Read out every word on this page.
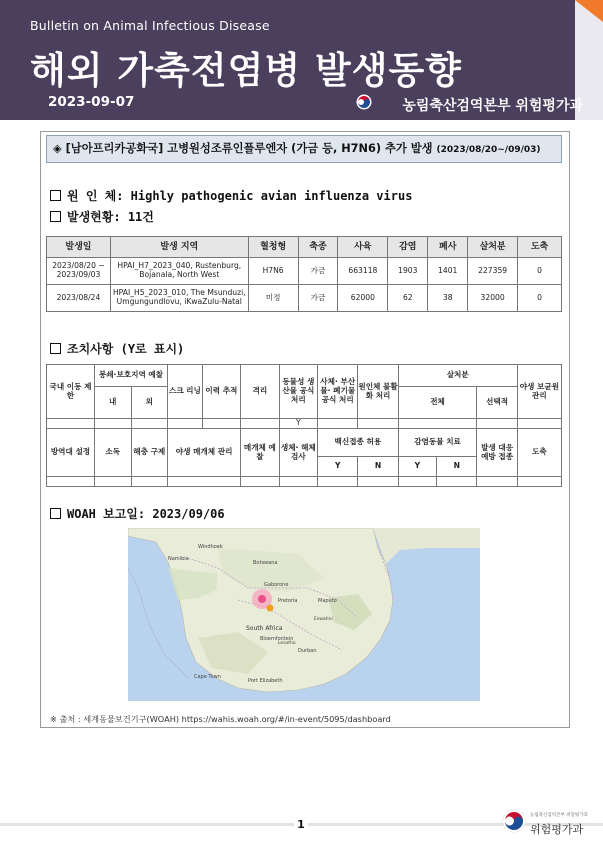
Bulletin on Animal Infectious Disease
해외 가축전염병 발생동향
2023-09-07	농림축산검역본부 위험평가과
◈ [남아프리카공화국] 고병원성조류인플루엔자 (가금 등, H7N6) 추가 발생 (2023/08/20~/09/03)
원 인 체: Highly pathogenic avian influenza virus
발생현황: 11건
발생일	발생 지역	혈청형	축종	사육	감염	폐사	살처분	도축
2023/08/20 ~ 2023/09/03	HPAI_H7_2023_040, Rustenburg, Bojanala, North West	H7N6	가금	663118	1903	1401	227359	0
2023/08/24	HPAI_H5_2023_010, The Msunduzi, Umgungundlovu, iKwaZulu-Natal	미정	가금	62000	62	38	32000	0
조치사항 (Y로 표시)
국내 이동 제한	봉쇄·보호지역 예찰		스크 리닝	이력 추적	격리	동물성 생산물 공식 처리	사체· 부산물· 폐기물 공식 처리	원인체 불활화 처리	살처분			야생 보균원 관리
	내	외							전체		선택적	
						Y						
방역대 설정	소독	해충 구제	야생 매개체 관리		매개체 예찰	생체· 해체 검사	백신접종 허용		감염동물 치료		발생 대응 예방 접종	도축
							Y	N	Y	N		

WOAH 보고일: 2023/09/06
Windhoek
Botswana
Gaborone
Pretoria	Maputo
South Africa
Durban
Cape Town
Port Elizabeth
Bloemfontein
Namibia
Lesotho
Eswatini
※ 출처 : 세계동물보건기구(WOAH) https://wahis.woah.org/#/in-event/5095/dashboard
1
농림축산검역본부 위험평가과
위험평가과
